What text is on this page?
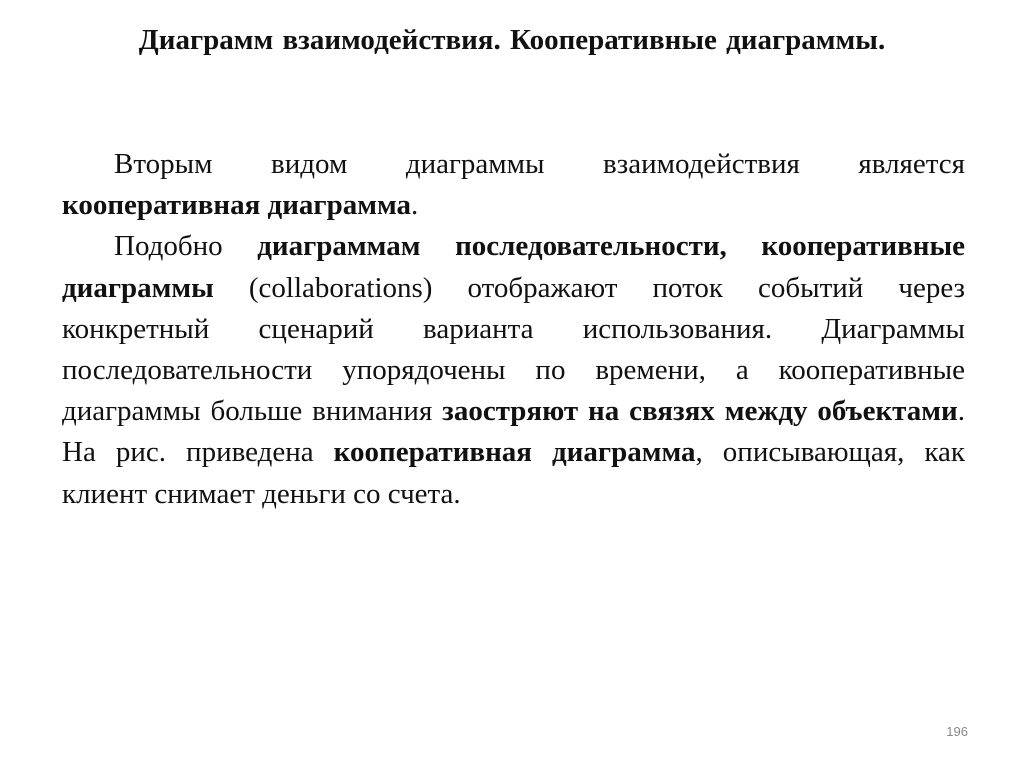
Диаграмм взаимодействия. Кооперативные диаграммы.

Вторым видом диаграммы взаимодействия является кооперативная диаграмма.

Подобно диаграммам последовательности, кооперативные диаграммы (collaborations) отображают поток событий через конкретный сценарий варианта использования. Диаграммы последовательности упорядочены по времени, а кооперативные диаграммы больше внимания заостряют на связях между объектами. На рис. приведена кооперативная диаграмма, описывающая, как клиент снимает деньги со счета.

196
